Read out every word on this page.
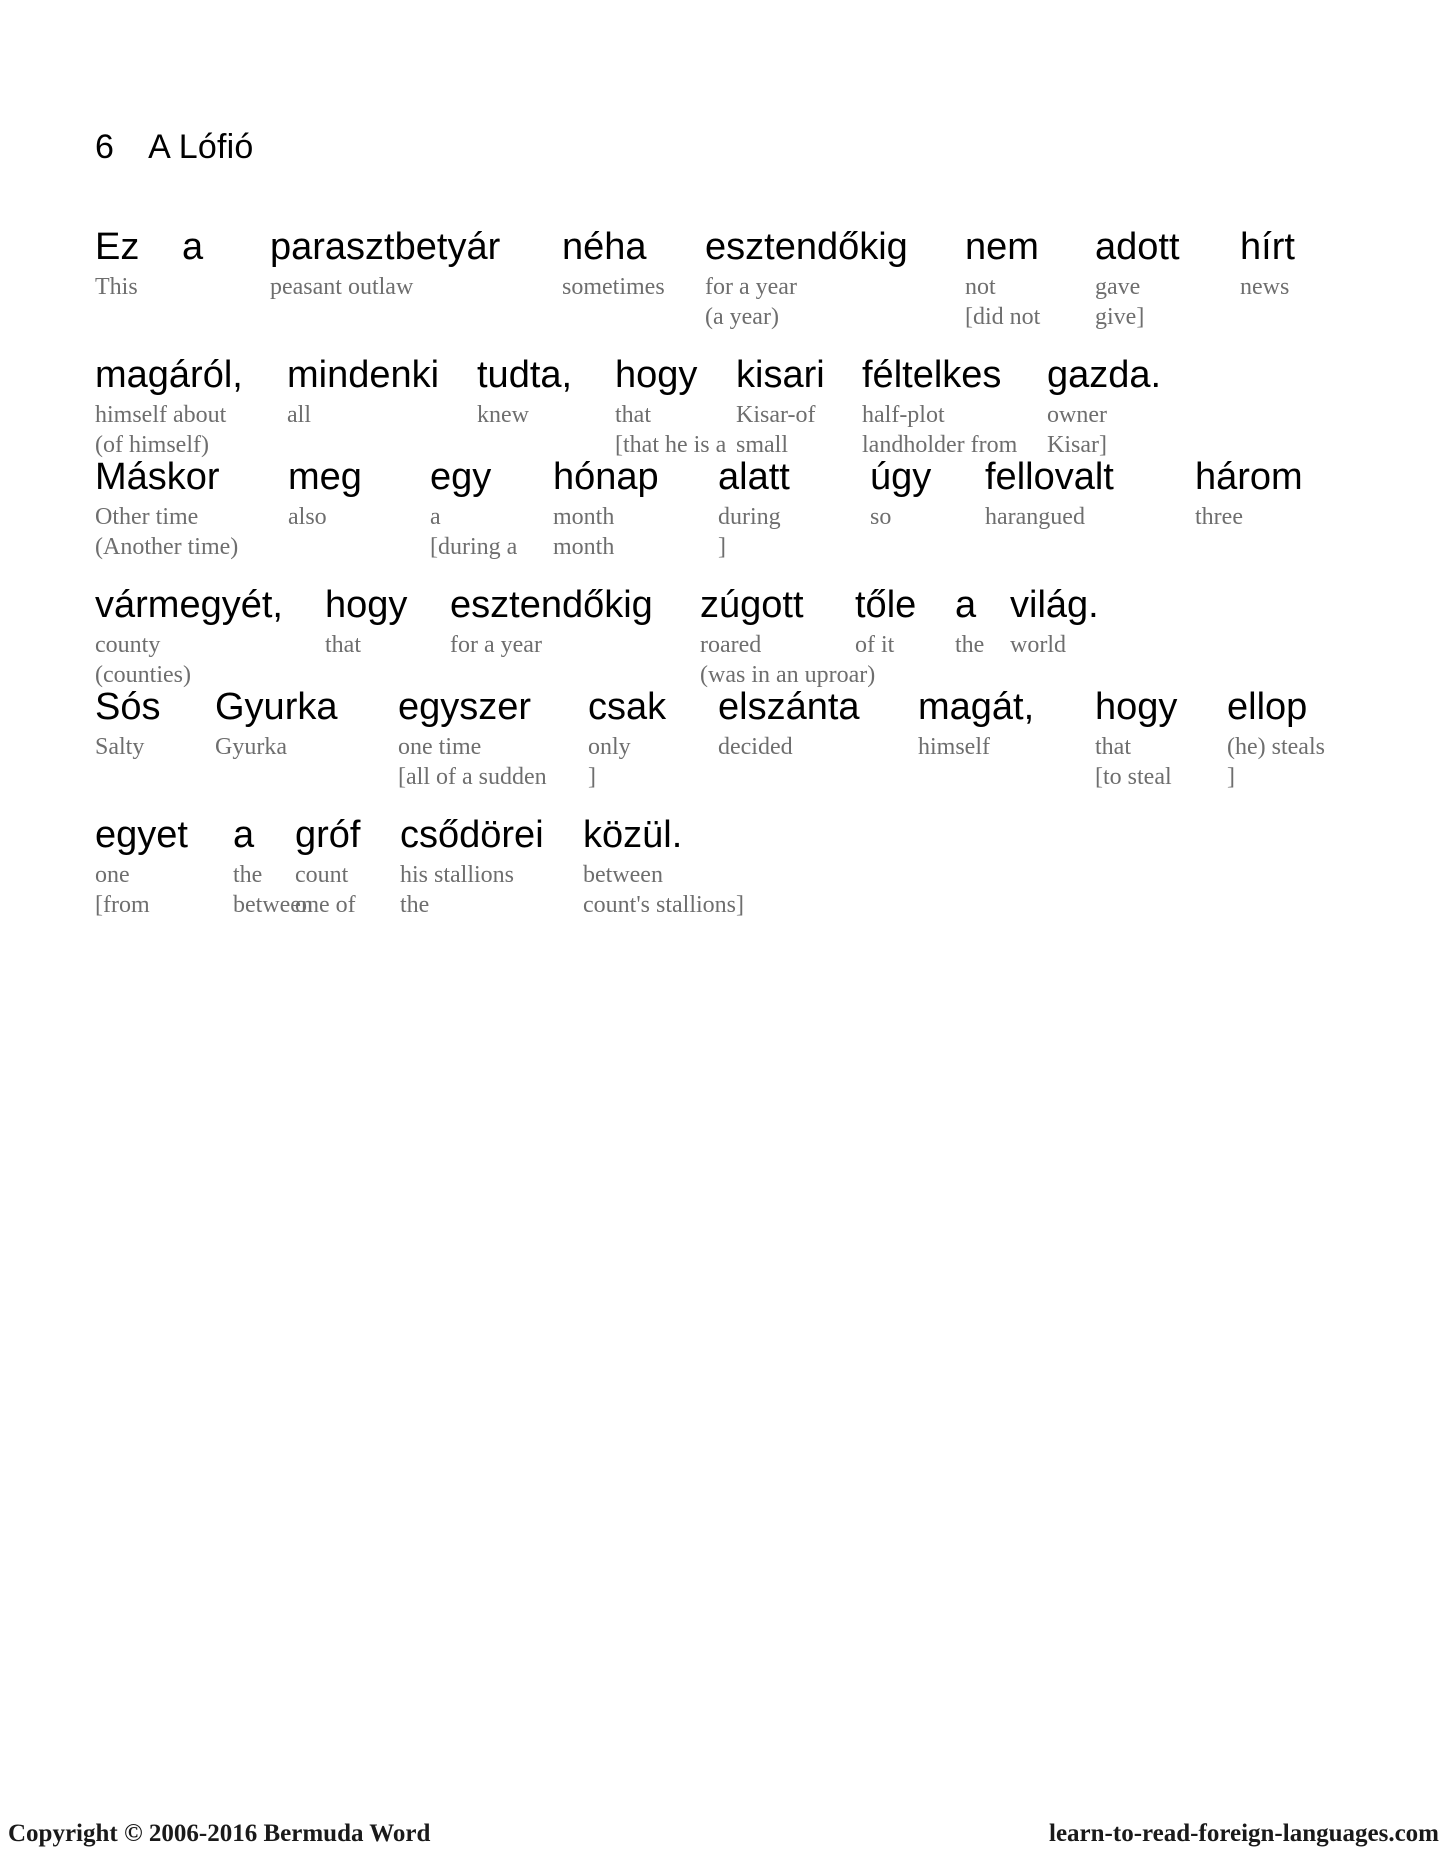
6 A Lófió
Ez
This

a

parasztbetyár
peasant outlaw

néha
sometimes

esztendőkig
for a year
(a year)
nem
not
[did not
adott
gave
give]
hírt
news

magáról,
himself about
(of himself)
mindenki
all

tudta,
knew

hogy
that
[that he is a
kisari
Kisar-of
small
féltelkes
half-plot
landholder from
gazda.
owner
Kisar]
Máskor
Other time
(Another time)
meg
also

egy
a
[during a
hónap
month
month
alatt
during
]
úgy
so

fellovalt
harangued

három
three

vármegyét,
county
(counties)
hogy
that

esztendőkig
for a year

zúgott
roared
(was in an uproar)
tőle
of it

a
the

világ.
world

Sós
Salty

Gyurka
Gyurka

egyszer
one time
[all of a sudden
csak
only
]
elszánta
decided

magát,
himself

hogy
that
[to steal
ellop
(he) steals
]
egyet
one
[from
a
the
between
gróf
count
one of
csődörei
his stallions
the
közül.
between
count's stallions]
Copyright © 2006-2016 Bermuda Word	learn-to-read-foreign-languages.com
